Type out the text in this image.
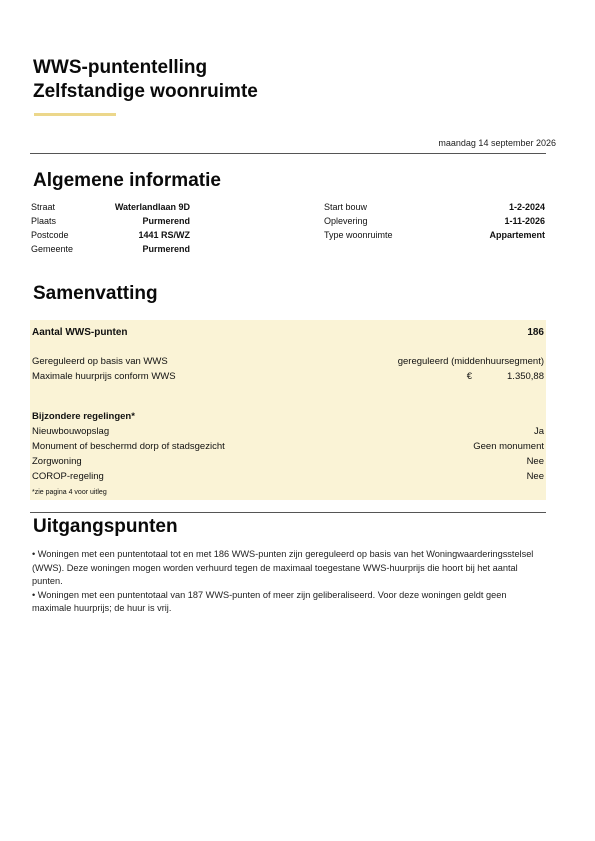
WWS-puntentelling
Zelfstandige woonruimte
maandag 14 september 2026
Algemene informatie
Straat	Waterlandlaan 9D
Plaats	Purmerend
Postcode	1441 RS/WZ
Gemeente	Purmerend
Start bouw	1-2-2024
Oplevering	1-11-2026
Type woonruimte	Appartement
Samenvatting
Aantal WWS-punten	186
Gereguleerd op basis van WWS	gereguleerd (middenhuursegment)
Maximale huurprijs conform WWS	€	1.350,88
Bijzondere regelingen*
Nieuwbouwopslag	Ja
Monument of beschermd dorp of stadsgezicht	Geen monument
Zorgwoning	Nee
COROP-regeling	Nee
*zie pagina 4 voor uitleg
Uitgangspunten

• Woningen met een puntentotaal tot en met 186 WWS-punten zijn gereguleerd op basis van het Woningwaarderingsstelsel (WWS). Deze woningen mogen worden verhuurd tegen de maximaal toegestane WWS-huurprijs die hoort bij het aantal punten.

• Woningen met een puntentotaal van 187 WWS-punten of meer zijn geliberaliseerd. Voor deze woningen geldt geen maximale huurprijs; de huur is vrij.
